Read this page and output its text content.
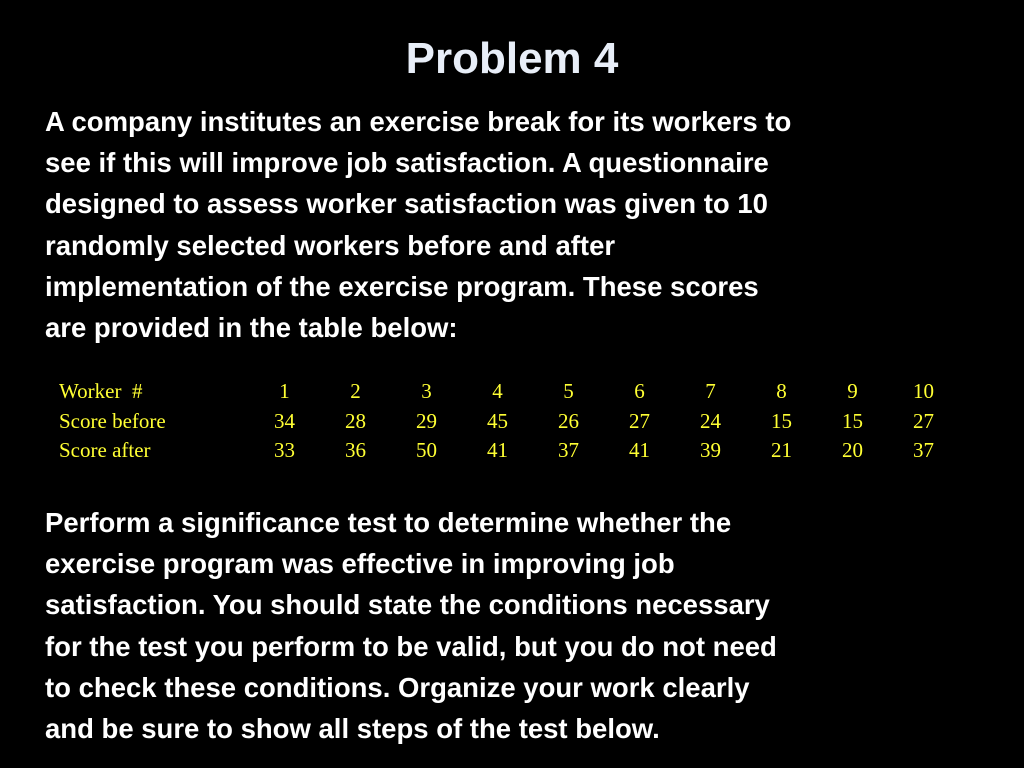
Problem 4

A company institutes an exercise break for its workers to
see if this will improve job satisfaction. A questionnaire
designed to assess worker satisfaction was given to 10
randomly selected workers before and after
implementation of the exercise program. These scores
are provided in the table below:

Worker  #	1	2	3	4	5	6	7	8	9	10
Score before	34	28	29	45	26	27	24	15	15	27
Score after	33	36	50	41	37	41	39	21	20	37

Perform a significance test to determine whether the
exercise program was effective in improving job
satisfaction. You should state the conditions necessary
for the test you perform to be valid, but you do not need
to check these conditions. Organize your work clearly
and be sure to show all steps of the test below.
